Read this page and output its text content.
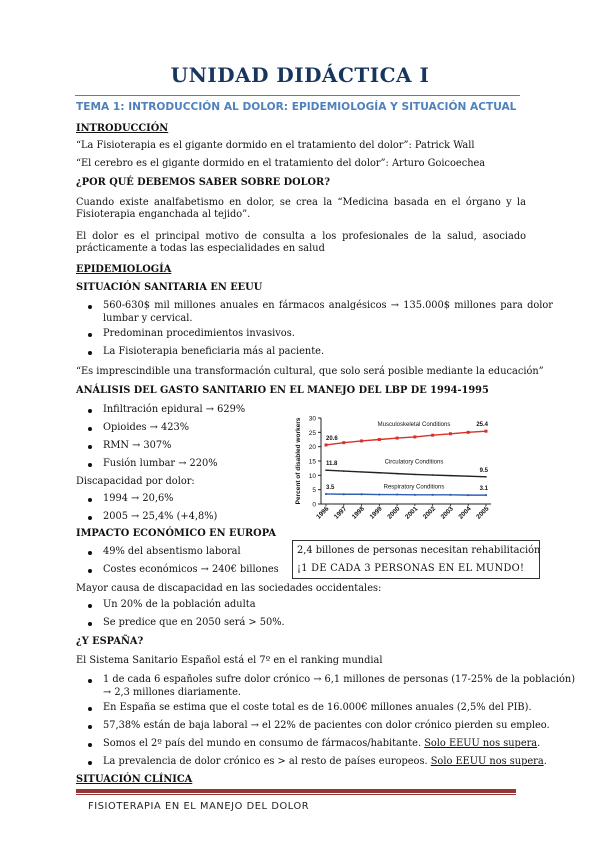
UNIDAD DIDÁCTICA I
TEMA 1: INTRODUCCIÓN AL DOLOR: EPIDEMIOLOGÍA Y SITUACIÓN ACTUAL
INTRODUCCIÓN
“La Fisioterapia es el gigante dormido en el tratamiento del dolor”: Patrick Wall
“El cerebro es el gigante dormido en el tratamiento del dolor”: Arturo Goicoechea
¿POR QUÉ DEBEMOS SABER SOBRE DOLOR?
Cuando existe analfabetismo en dolor, se crea la “Medicina basada en el órgano y la Fisioterapia enganchada al tejido”.
El dolor es el principal motivo de consulta a los profesionales de la salud, asociado prácticamente a todas las especialidades en salud
EPIDEMIOLOGÍA
SITUACIÓN SANITARIA EN EEUU
560-630$ mil millones anuales en fármacos analgésicos → 135.000$ millones para dolor
lumbar y cervical.
Predominan procedimientos invasivos.
La Fisioterapia beneficiaria más al paciente.
“Es imprescindible una transformación cultural, que solo será posible mediante la educación”
ANÁLISIS DEL GASTO SANITARIO EN EL MANEJO DEL LBP DE 1994-1995
Infiltración epidural → 629%
Opioides → 423%
RMN → 307%
Fusión lumbar → 220%
Discapacidad por dolor:
1994 → 20,6%
2005 → 25,4% (+4,8%)
IMPACTO ECONÓMICO EN EUROPA
49% del absentismo laboral
Costes económicos → 240€ billones
2,4 billones de personas necesitan rehabilitación
¡1 DE CADA 3 PERSONAS EN EL MUNDO!
Mayor causa de discapacidad en las sociedades occidentales:
Un 20% de la población adulta
Se predice que en 2050 será > 50%.
¿Y ESPAÑA?
El Sistema Sanitario Español está el 7º en el ranking mundial
1 de cada 6 españoles sufre dolor crónico → 6,1 millones de personas (17-25% de la población)
→ 2,3 millones diariamente.
En España se estima que el coste total es de 16.000€ millones anuales (2,5% del PIB).
57,38% están de baja laboral → el 22% de pacientes con dolor crónico pierden su empleo.
Somos el 2º país del mundo en consumo de fármacos/habitante. Solo EEUU nos supera.
La prevalencia de dolor crónico es > al resto de países europeos. Solo EEUU nos supera.
SITUACIÓN CLÍNICA
0
5
10
15
20
25
30
Percent of disabled workers
1996 1997 1998 1999 2000 2001 2002 2003 2004 2005
Musculoskeletal Conditions
20.6
25.4
Circulatory Conditions
11.8
9.5
Respiratory Conditions
3.5	3.1
FISIOTERAPIA EN EL MANEJO DEL DOLOR
